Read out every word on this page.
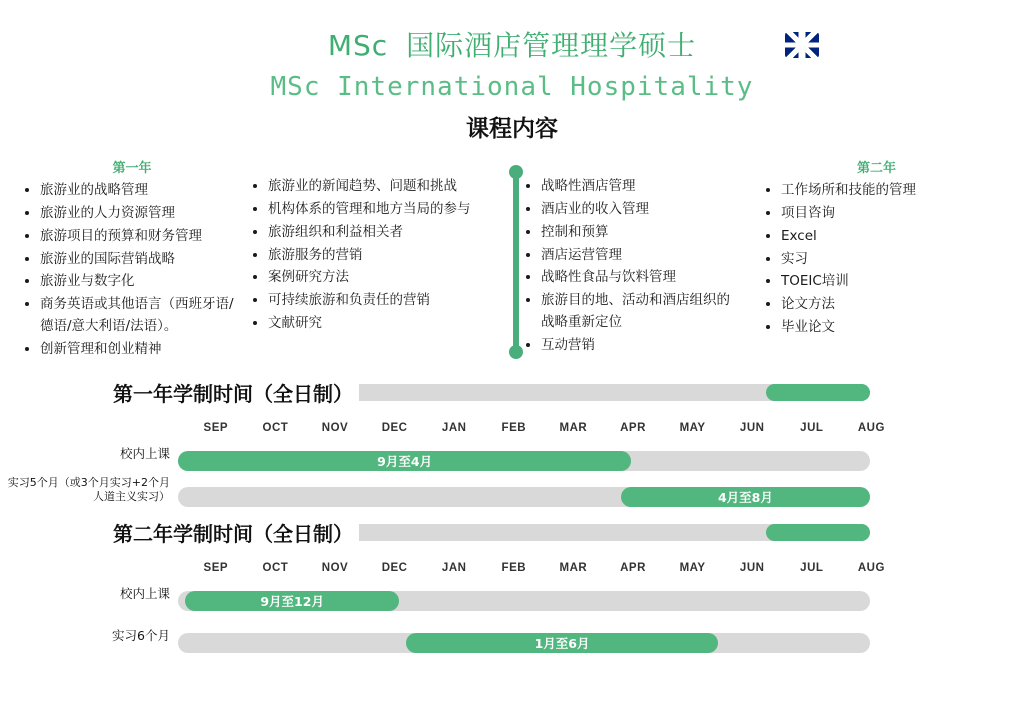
MSc 国际酒店管理理学硕士
MSc International Hospitality
课程内容
第一年
• 旅游业的战略管理
• 旅游业的人力资源管理
• 旅游项目的预算和财务管理
• 旅游业的国际营销战略
• 旅游业与数字化
• 商务英语或其他语言（西班牙语/德语/意大利语/法语）。
• 创新管理和创业精神
• 旅游业的新闻趋势、问题和挑战
• 机构体系的管理和地方当局的参与
• 旅游组织和利益相关者
• 旅游服务的营销
• 案例研究方法
• 可持续旅游和负责任的营销
• 文献研究
• 战略性酒店管理
• 酒店业的收入管理
• 控制和预算
• 酒店运营管理
• 战略性食品与饮料管理
• 旅游目的地、活动和酒店组织的战略重新定位
• 互动营销
第二年
• 工作场所和技能的管理
• 项目咨询
• Excel
• 实习
• TOEIC培训
• 论文方法
• 毕业论文
第一年学制时间（全日制）
SEP	OCT	NOV	DEC	JAN	FEB	MAR	APR	MAY	JUN	JUL	AUG
校内上课
9月至4月
实习5个月（或3个月实习+2个月人道主义实习）	4月至8月
第二年学制时间（全日制）
SEP	OCT	NOV	DEC	JAN	FEB	MAR	APR	MAY	JUN	JUL	AUG
校内上课
9月至12月
实习6个月
1月至6月
